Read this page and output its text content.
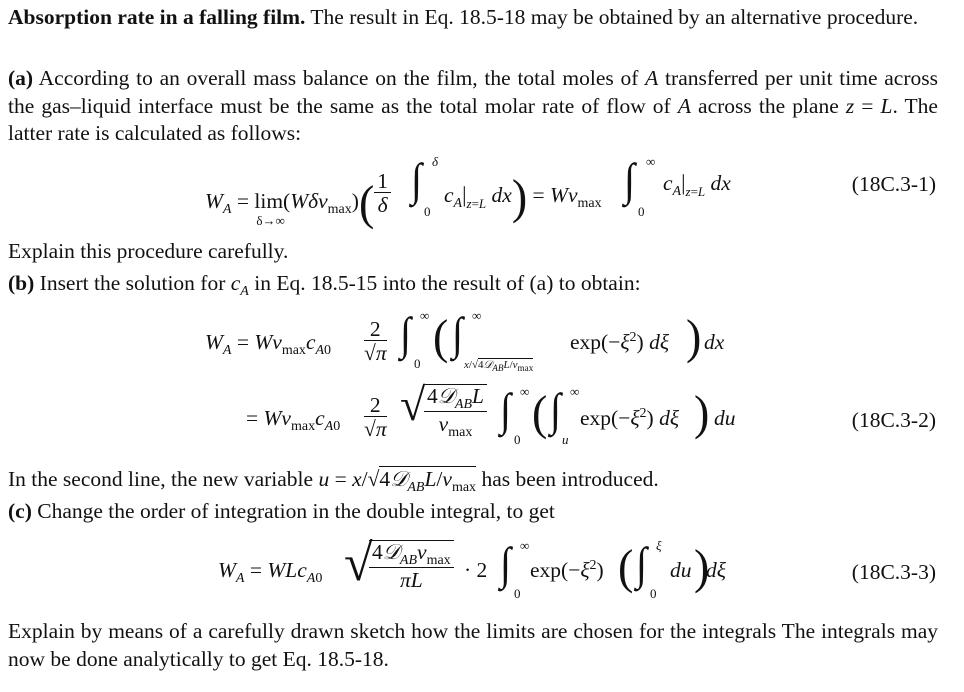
Absorption rate in a falling film. The result in Eq. 18.5-18 may be obtained by an alternative procedure.

(a) According to an overall mass balance on the film, the total moles of A transferred per unit time across the gas–liquid interface must be the same as the total molar rate of flow of A across the plane z = L. The latter rate is calculated as follows:

$W_A = \lim$
δ→∞
$(W\delta v_{max})( \frac{1}{\delta}$ ∫ δ
0
$c_A|_{z=L}$ $dx) = Wv_{max}$ ∫ ∞
0
$c_A|_{z=L}$ dx	(18C.3-1)

Explain this procedure carefully.

(b) Insert the solution for $c_A$ in Eq. 18.5-15 into the result of (a) to obtain:

$W_A = Wv_{max}c_{A0} \frac{2}{√\pi}$ ∫ ∞
0
( ∫ ∞
$x/√4𝒟_{AB}L/v_{max}$
$\exp(-\xi^2)$ dξ ) dx
= $Wv_{max}c_{A0} \frac{2}{√\pi}$ √
$\frac{4𝒟_{AB}L}{v_{max}}$ ∫ ∞
0
( ∫ ∞
u
$\exp(-\xi^2)$ dξ ) du	(18C.3-2)

In the second line, the new variable $u = x/√4𝒟_{AB}L/v_{max}$ has been introduced.

(c) Change the order of integration in the double integral, to get

$W_A = WLc_{A0}$ √
$\frac{4𝒟_{AB}v_{max}}{\pi L} \cdot 2$ ∫ ∞
0
$\exp(-\xi^2)$ ( ∫ ξ
0
du )
dξ	(18C.3-3)

Explain by means of a carefully drawn sketch how the limits are chosen for the integrals The integrals may now be done analytically to get Eq. 18.5-18.
